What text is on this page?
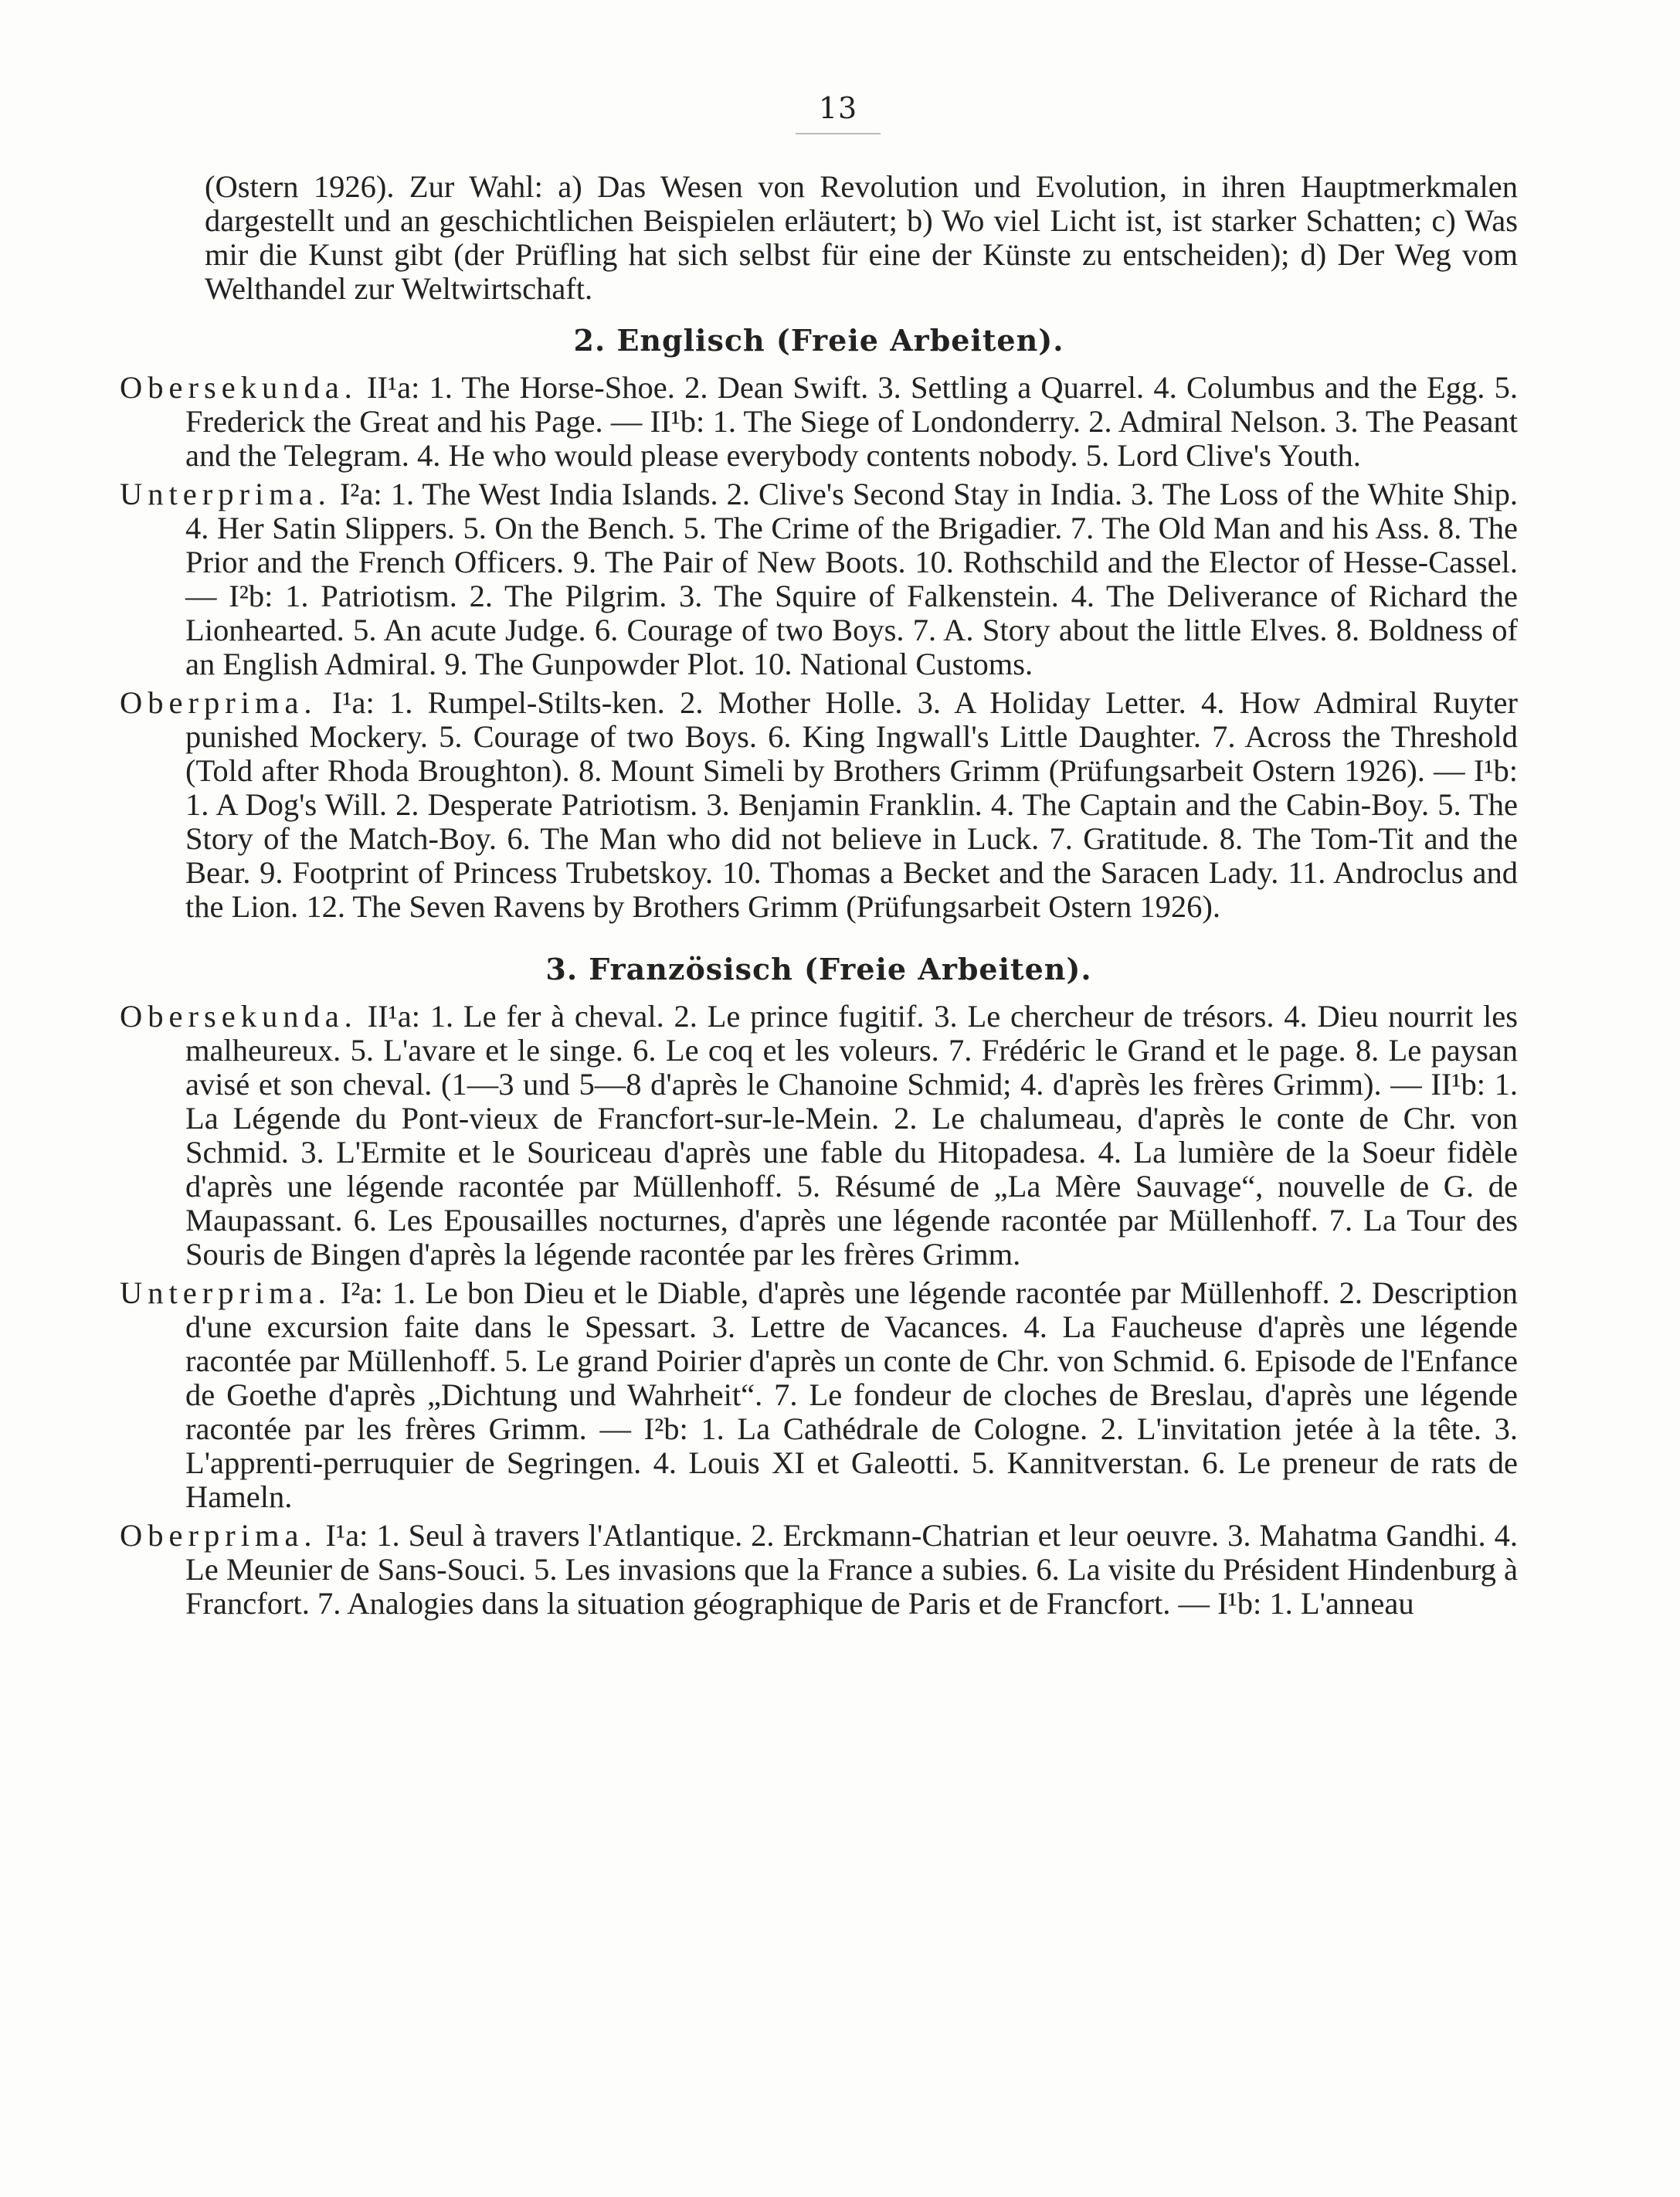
13

(Ostern 1926). Zur Wahl: a) Das Wesen von Revolution und Evolution, in ihren Hauptmerkmalen dargestellt und an geschichtlichen Beispielen erläutert; b) Wo viel Licht ist, ist starker Schatten; c) Was mir die Kunst gibt (der Prüfling hat sich selbst für eine der Künste zu entscheiden); d) Der Weg vom Welthandel zur Weltwirtschaft.

2. Englisch (Freie Arbeiten).

Obersekunda. II¹a: 1. The Horse-Shoe. 2. Dean Swift. 3. Settling a Quarrel. 4. Columbus and the Egg. 5. Frederick the Great and his Page. — II¹b: 1. The Siege of Londonderry. 2. Admiral Nelson. 3. The Peasant and the Telegram. 4. He who would please everybody contents nobody. 5. Lord Clive's Youth.

Unterprima. I²a: 1. The West India Islands. 2. Clive's Second Stay in India. 3. The Loss of the White Ship. 4. Her Satin Slippers. 5. On the Bench. 5. The Crime of the Brigadier. 7. The Old Man and his Ass. 8. The Prior and the French Officers. 9. The Pair of New Boots. 10. Rothschild and the Elector of Hesse-Cassel. — I²b: 1. Patriotism. 2. The Pilgrim. 3. The Squire of Falkenstein. 4. The Deliverance of Richard the Lionhearted. 5. An acute Judge. 6. Courage of two Boys. 7. A. Story about the little Elves. 8. Boldness of an English Admiral. 9. The Gunpowder Plot. 10. National Customs.

Oberprima. I¹a: 1. Rumpel-Stilts-ken. 2. Mother Holle. 3. A Holiday Letter. 4. How Admiral Ruyter punished Mockery. 5. Courage of two Boys. 6. King Ingwall's Little Daughter. 7. Across the Threshold (Told after Rhoda Broughton). 8. Mount Simeli by Brothers Grimm (Prüfungsarbeit Ostern 1926). — I¹b: 1. A Dog's Will. 2. Desperate Patriotism. 3. Benjamin Franklin. 4. The Captain and the Cabin-Boy. 5. The Story of the Match-Boy. 6. The Man who did not believe in Luck. 7. Gratitude. 8. The Tom-Tit and the Bear. 9. Footprint of Princess Trubetskoy. 10. Thomas a Becket and the Saracen Lady. 11. Androclus and the Lion. 12. The Seven Ravens by Brothers Grimm (Prüfungsarbeit Ostern 1926).

3. Französisch (Freie Arbeiten).

Obersekunda. II¹a: 1. Le fer à cheval. 2. Le prince fugitif. 3. Le chercheur de trésors. 4. Dieu nourrit les malheureux. 5. L'avare et le singe. 6. Le coq et les voleurs. 7. Frédéric le Grand et le page. 8. Le paysan avisé et son cheval. (1—3 und 5—8 d'après le Chanoine Schmid; 4. d'après les frères Grimm). — II¹b: 1. La Légende du Pont-vieux de Francfort-sur-le-Mein. 2. Le chalumeau, d'après le conte de Chr. von Schmid. 3. L'Ermite et le Souriceau d'après une fable du Hitopadesa. 4. La lumière de la Soeur fidèle d'après une légende racontée par Müllenhoff. 5. Résumé de „La Mère Sauvage“, nouvelle de G. de Maupassant. 6. Les Epousailles nocturnes, d'après une légende racontée par Müllenhoff. 7. La Tour des Souris de Bingen d'après la légende racontée par les frères Grimm.

Unterprima. I²a: 1. Le bon Dieu et le Diable, d'après une légende racontée par Müllenhoff. 2. Description d'une excursion faite dans le Spessart. 3. Lettre de Vacances. 4. La Faucheuse d'après une légende racontée par Müllenhoff. 5. Le grand Poirier d'après un conte de Chr. von Schmid. 6. Episode de l'Enfance de Goethe d'après „Dichtung und Wahrheit“. 7. Le fondeur de cloches de Breslau, d'après une légende racontée par les frères Grimm. — I²b: 1. La Cathédrale de Cologne. 2. L'invitation jetée à la tête. 3. L'apprenti-perruquier de Segringen. 4. Louis XI et Galeotti. 5. Kannitverstan. 6. Le preneur de rats de Hameln.

Oberprima. I¹a: 1. Seul à travers l'Atlantique. 2. Erckmann-Chatrian et leur oeuvre. 3. Mahatma Gandhi. 4. Le Meunier de Sans-Souci. 5. Les invasions que la France a subies. 6. La visite du Président Hindenburg à Francfort. 7. Analogies dans la situation géographique de Paris et de Francfort. — I¹b: 1. L'anneau
